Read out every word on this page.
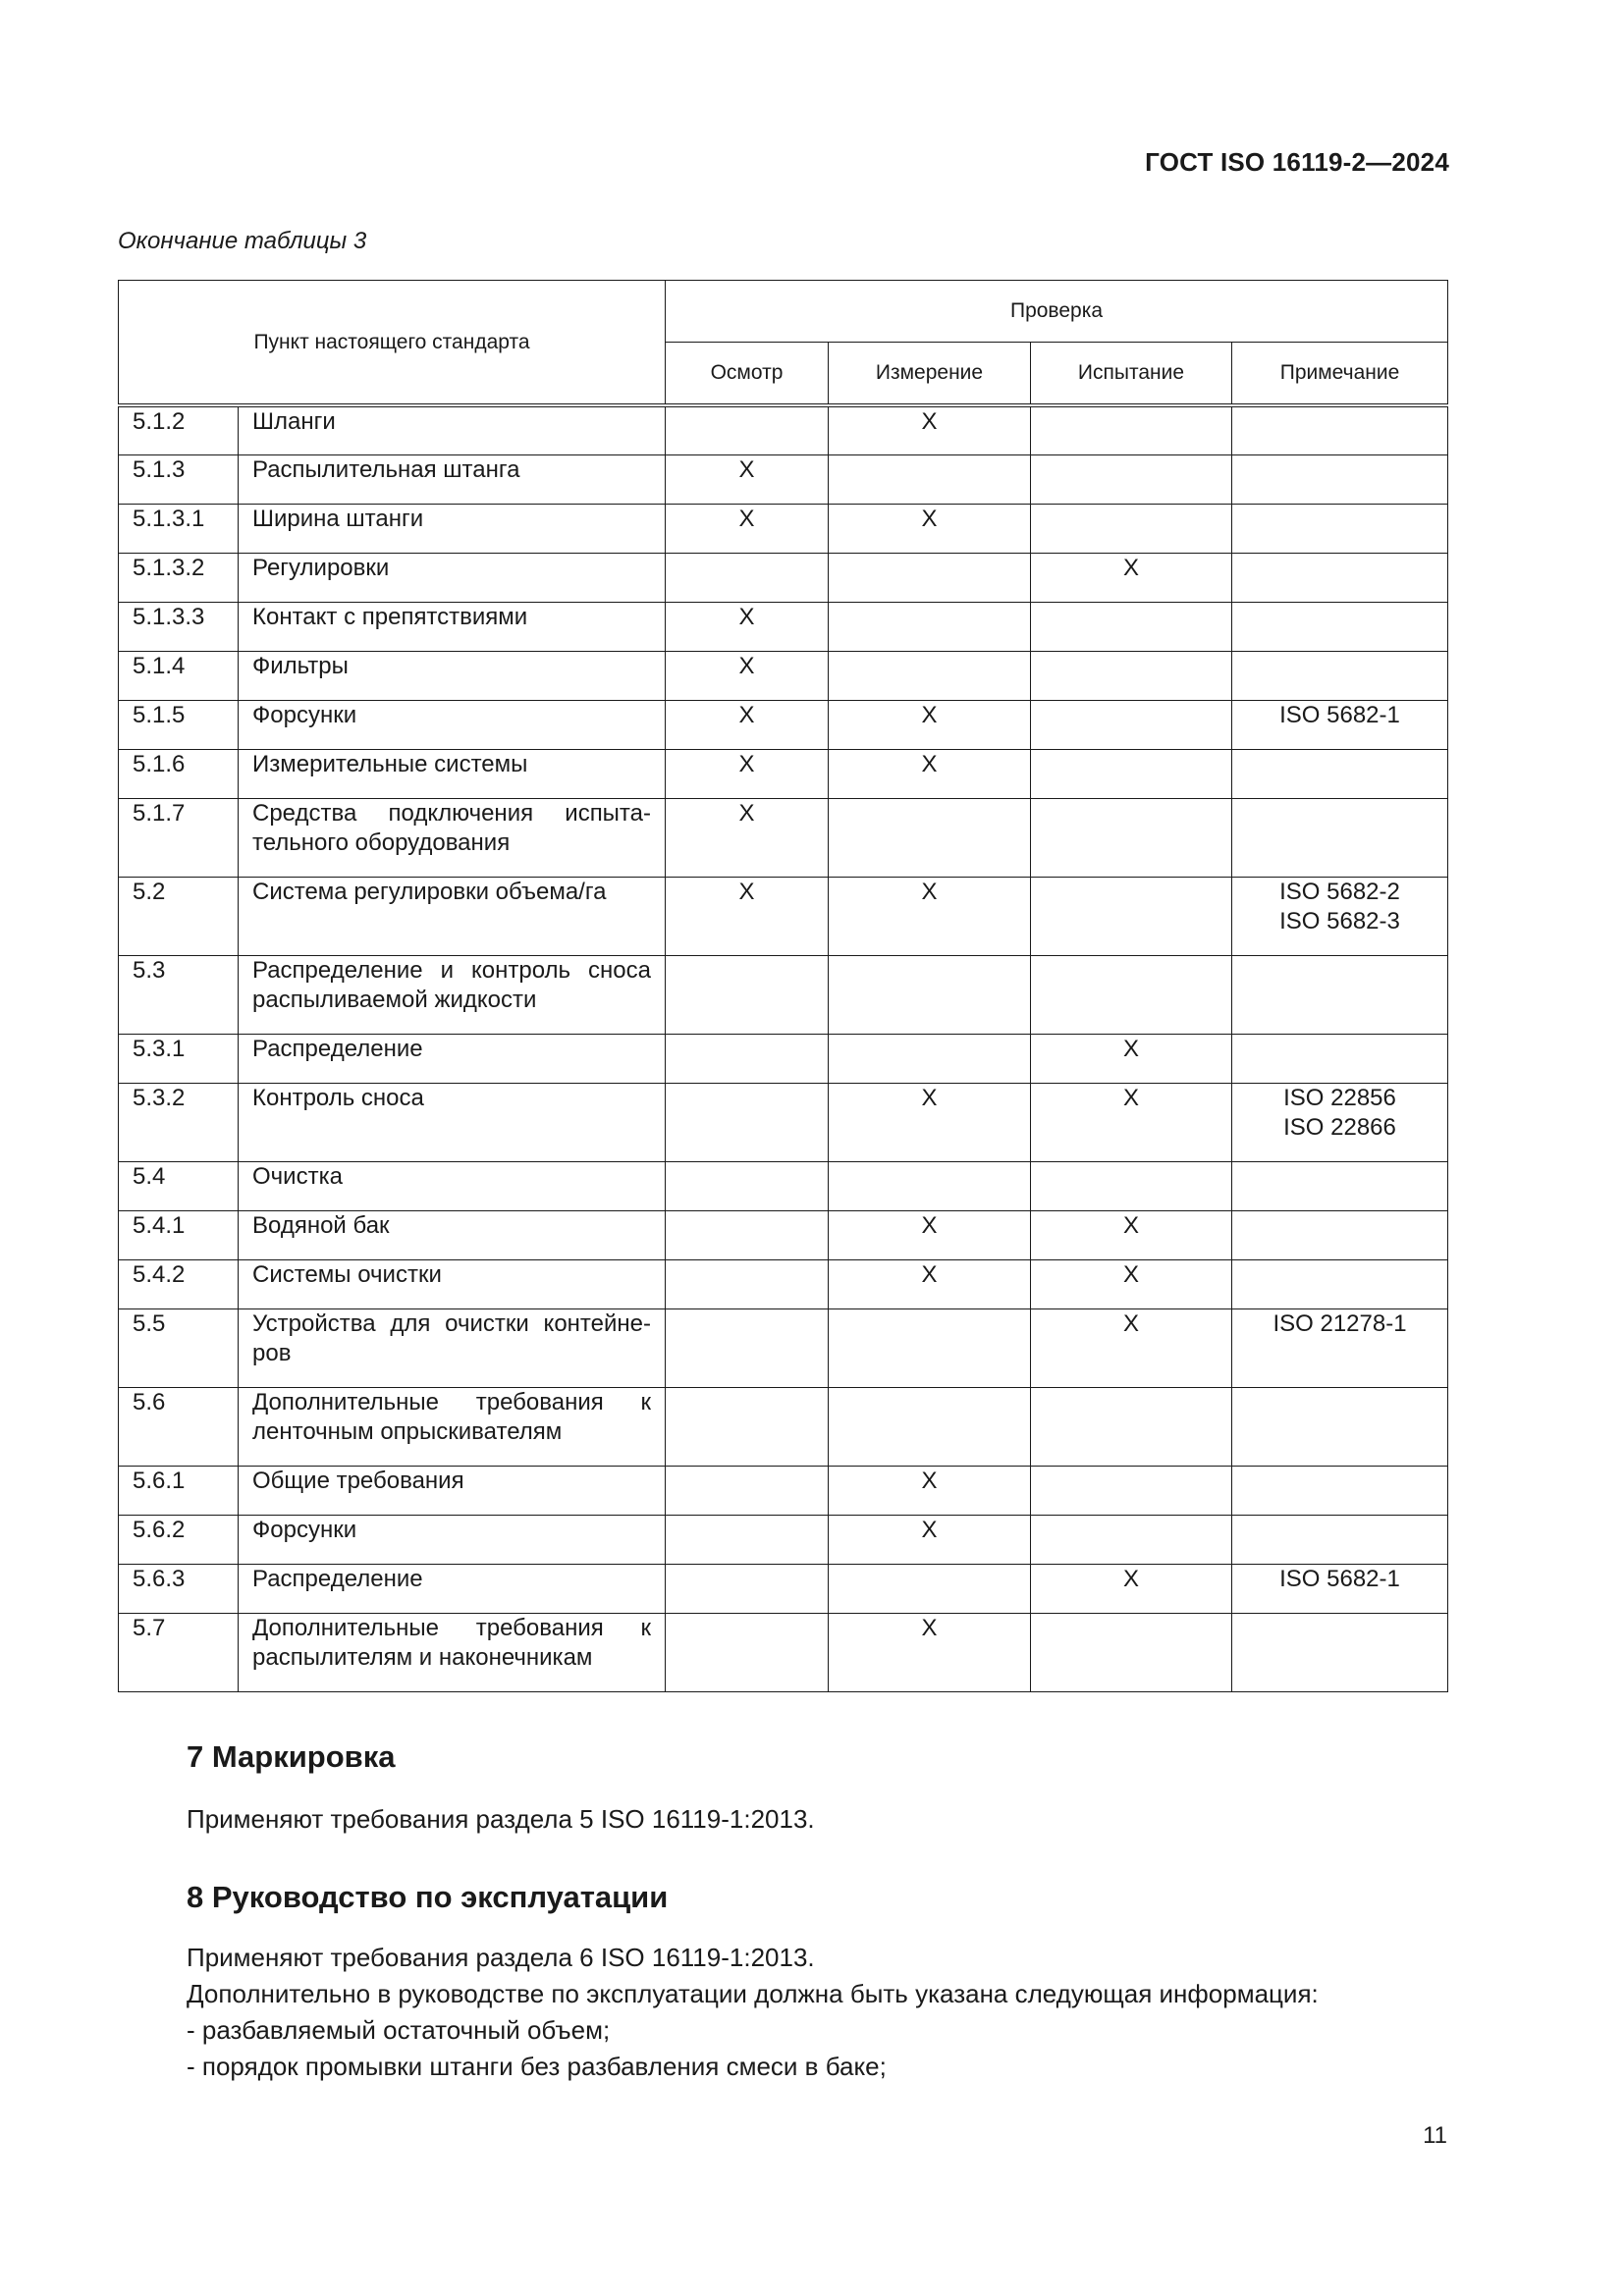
ГОСТ ISO 16119-2—2024
Окончание таблицы 3
Пункт настоящего стандарта		Проверка			
		Осмотр	Измерение	Испытание	Примечание
5.1.2	Шланги		X		

5.1.3	Распылительная штанга	X			

5.1.3.1	Ширина штанги	X	X		

5.1.3.2	Регулировки			X	

5.1.3.3	Контакт с препятствиями	X			

5.1.4	Фильтры	X			

5.1.5	Форсунки	X	X		ISO 5682-1

5.1.6	Измерительные системы	X	X		

5.1.7	Средства подключения испыта-тельного оборудования	X			

5.2	Система регулировки объема/га	X	X		ISO 5682-2
ISO 5682-3

5.3	Распределение и контроль сноса распыливаемой жидкости				

5.3.1	Распределение			X	

5.3.2	Контроль сноса		X	X	ISO 22856
ISO 22866

5.4	Очистка				

5.4.1	Водяной бак		X	X	

5.4.2	Системы очистки		X	X	

5.5	Устройства для очистки контейне-ров			X	ISO 21278-1

5.6	Дополнительные требования к ленточным опрыскивателям				

5.6.1	Общие требования		X		

5.6.2	Форсунки		X		

5.6.3	Распределение			X	ISO 5682-1

5.7	Дополнительные требования к распылителям и наконечникам		X		
7 Маркировка

Применяют требования раздела 5 ISO 16119-1:2013.

8 Руководство по эксплуатации

Применяют требования раздела 6 ISO 16119-1:2013.

Дополнительно в руководстве по эксплуатации должна быть указана следующая информация:

- разбавляемый остаточный объем;
- порядок промывки штанги без разбавления смеси в баке;
11
